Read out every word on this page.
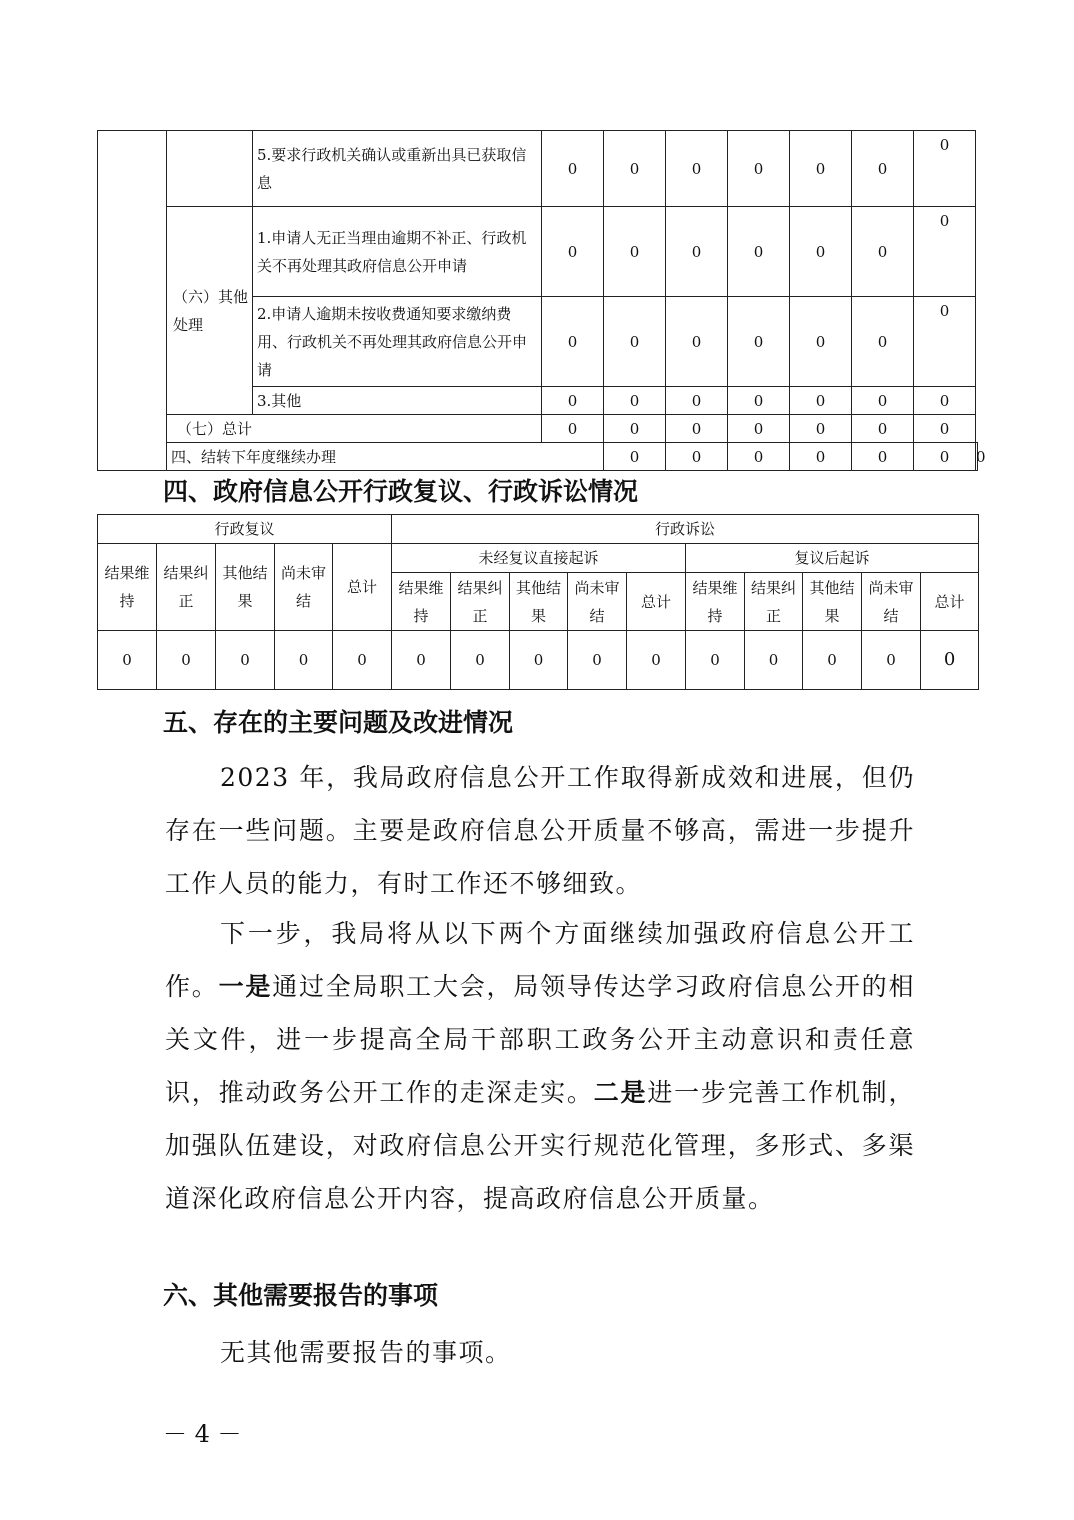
		5.要求行政机关确认或重新出具已获取信息	0	0	0	0	0	0	0	
	（六）其他处理	1.申请人无正当理由逾期不补正、行政机关不再处理其政府信息公开申请	0	0	0	0	0	0	0	
		2.申请人逾期未按收费通知要求缴纳费用、行政机关不再处理其政府信息公开申请	0	0	0	0	0	0	0	
		3.其他	0	0	0	0	0	0	0	
	（七）总计		0	0	0	0	0	0	0	
	四、结转下年度继续办理			0	0	0	0	0	0	0
四、政府信息公开行政复议、行政诉讼情况
行政复议					行政诉讼									
结果维持	结果纠正	其他结果	尚未审结	总计	未经复议直接起诉					复议后起诉				
					结果维持	结果纠正	其他结果	尚未审结	总计	结果维持	结果纠正	其他结果	尚未审结	总计
0	0	0	0	0	0	0	0	0	0	0	0	0	0	0
五、存在的主要问题及改进情况

2023 年，我局政府信息公开工作取得新成效和进展，但仍存在一些问题。主要是政府信息公开质量不够高，需进一步提升工作人员的能力，有时工作还不够细致。

下一步，我局将从以下两个方面继续加强政府信息公开工作。一是通过全局职工大会，局领导传达学习政府信息公开的相关文件，进一步提高全局干部职工政务公开主动意识和责任意识，推动政务公开工作的走深走实。二是进一步完善工作机制，加强队伍建设，对政府信息公开实行规范化管理，多形式、多渠道深化政府信息公开内容，提高政府信息公开质量。

六、其他需要报告的事项

无其他需要报告的事项。

－ 4 －
